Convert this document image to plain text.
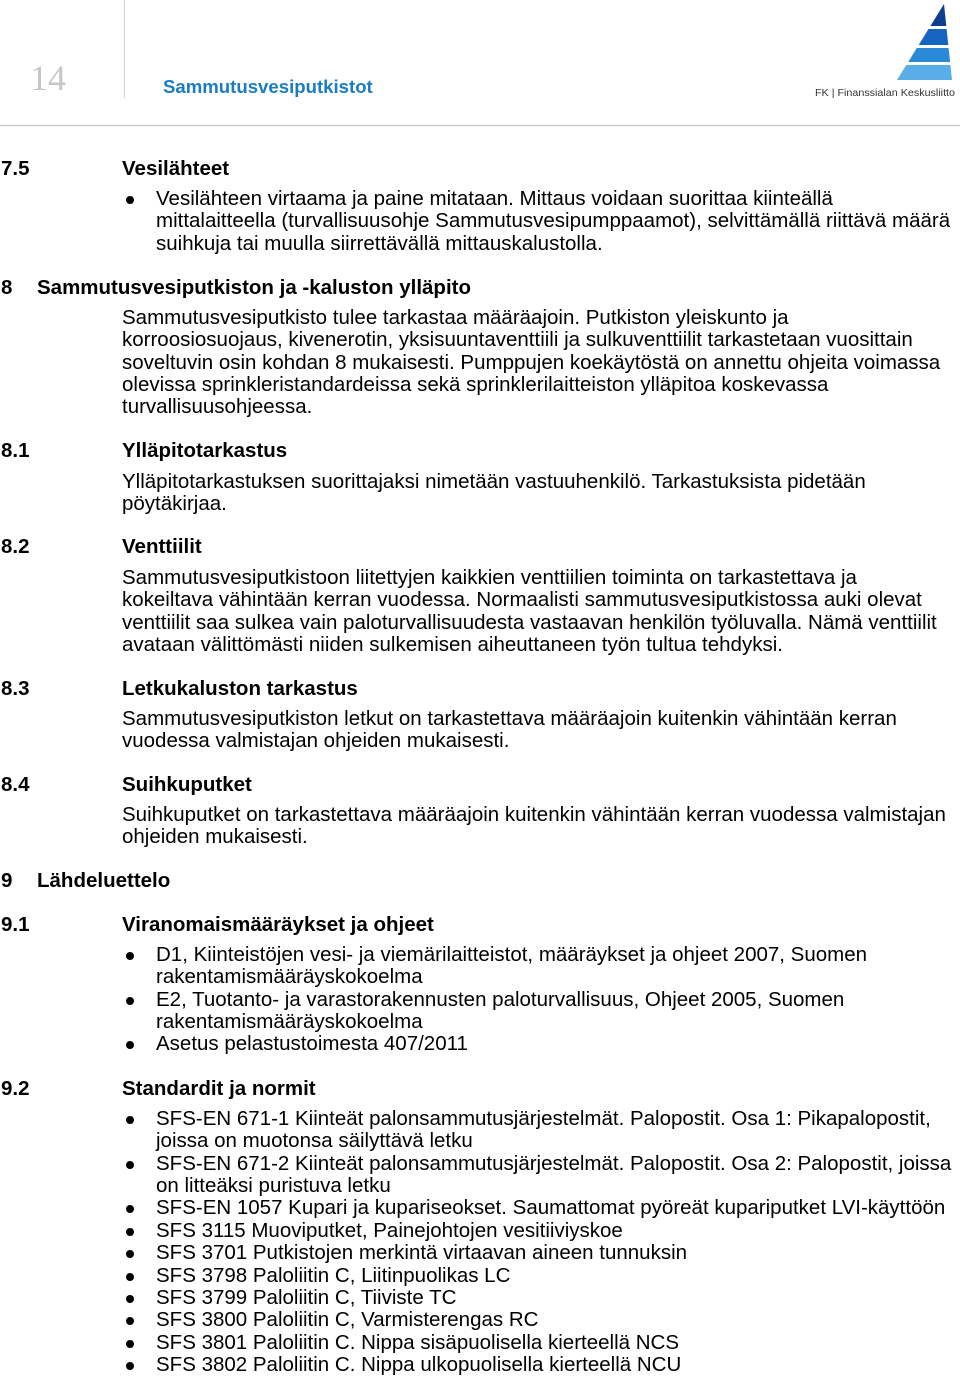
14	Sammutusvesiputkistot	FK | Finanssialan Keskusliitto
7.5	Vesilähteet
Vesilähteen virtaama ja paine mitataan. Mittaus voidaan suorittaa kiinteällä
mittalaitteella (turvallisuusohje Sammutusvesipumppaamot), selvittämällä riittävä määrä
suihkuja tai muulla siirrettävällä mittauskalustolla.
8 Sammutusvesiputkiston ja -kaluston ylläpito
Sammutusvesiputkisto tulee tarkastaa määräajoin. Putkiston yleiskunto ja
korroosiosuojaus, kivenerotin, yksisuuntaventtiili ja sulkuventtiilit tarkastetaan vuosittain
soveltuvin osin kohdan 8 mukaisesti. Pumppujen koekäytöstä on annettu ohjeita voimassa
olevissa sprinkleristandardeissa sekä sprinklerilaitteiston ylläpitoa koskevassa
turvallisuusohjeessa.
8.1	Ylläpitotarkastus
Ylläpitotarkastuksen suorittajaksi nimetään vastuuhenkilö. Tarkastuksista pidetään
pöytäkirjaa.
8.2	Venttiilit
Sammutusvesiputkistoon liitettyjen kaikkien venttiilien toiminta on tarkastettava ja
kokeiltava vähintään kerran vuodessa. Normaalisti sammutusvesiputkistossa auki olevat
venttiilit saa sulkea vain paloturvallisuudesta vastaavan henkilön työluvalla. Nämä venttiilit
avataan välittömästi niiden sulkemisen aiheuttaneen työn tultua tehdyksi.
8.3	Letkukaluston tarkastus
Sammutusvesiputkiston letkut on tarkastettava määräajoin kuitenkin vähintään kerran
vuodessa valmistajan ohjeiden mukaisesti.
8.4	Suihkuputket
Suihkuputket on tarkastettava määräajoin kuitenkin vähintään kerran vuodessa valmistajan
ohjeiden mukaisesti.
9 Lähdeluettelo
9.1	Viranomaismääräykset ja ohjeet
D1, Kiinteistöjen vesi- ja viemärilaitteistot, määräykset ja ohjeet 2007, Suomen
rakentamismääräyskokoelma
E2, Tuotanto- ja varastorakennusten paloturvallisuus, Ohjeet 2005, Suomen
rakentamismääräyskokoelma
Asetus pelastustoimesta 407/2011
9.2	Standardit ja normit
SFS-EN 671-1 Kiinteät palonsammutusjärjestelmät. Palopostit. Osa 1: Pikapalopostit,
joissa on muotonsa säilyttävä letku
SFS-EN 671-2 Kiinteät palonsammutusjärjestelmät. Palopostit. Osa 2: Palopostit, joissa
on litteäksi puristuva letku
SFS-EN 1057 Kupari ja kupariseokset. Saumattomat pyöreät kupariputket LVI-käyttöön
SFS 3115 Muoviputket, Painejohtojen vesitiiviyskoe
SFS 3701 Putkistojen merkintä virtaavan aineen tunnuksin
SFS 3798 Paloliitin C, Liitinpuolikas LC
SFS 3799 Paloliitin C, Tiiviste TC
SFS 3800 Paloliitin C, Varmisterengas RC
SFS 3801 Paloliitin C. Nippa sisäpuolisella kierteellä NCS
SFS 3802 Paloliitin C. Nippa ulkopuolisella kierteellä NCU
